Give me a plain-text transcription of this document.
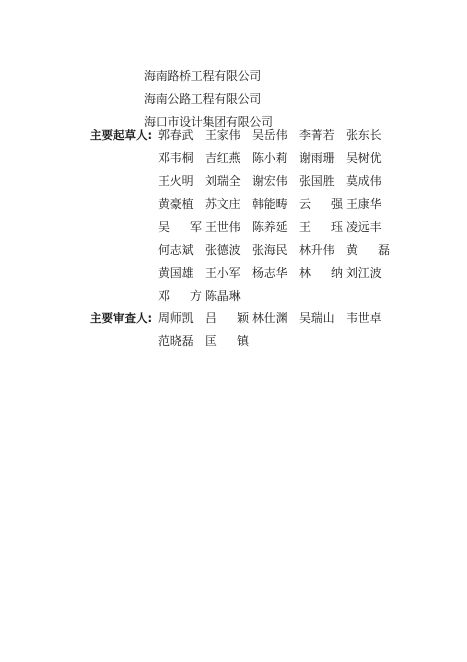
海南路桥工程有限公司
海南公路工程有限公司
海口市设计集团有限公司
主要起草人: 郭春武 王家伟 吴岳伟 李菁若 张东长
邓韦桐 吉红燕 陈小莉 谢雨珊 吴树优
王火明 刘瑞全 谢宏伟 张国胜 莫成伟
黄豪植 苏文庄 韩能畴 云 强 王康华
吴 军 王世伟 陈养延 王 珏 凌远丰
何志斌 张德波 张海民 林升伟 黄 磊
黄国雄 王小军 杨志华 林 纳 刘江波
邓 方 陈晶琳
主要审查人: 周师凯 吕 颖 林仕渊 吴瑞山 韦世卓
范晓磊 匡 镇
